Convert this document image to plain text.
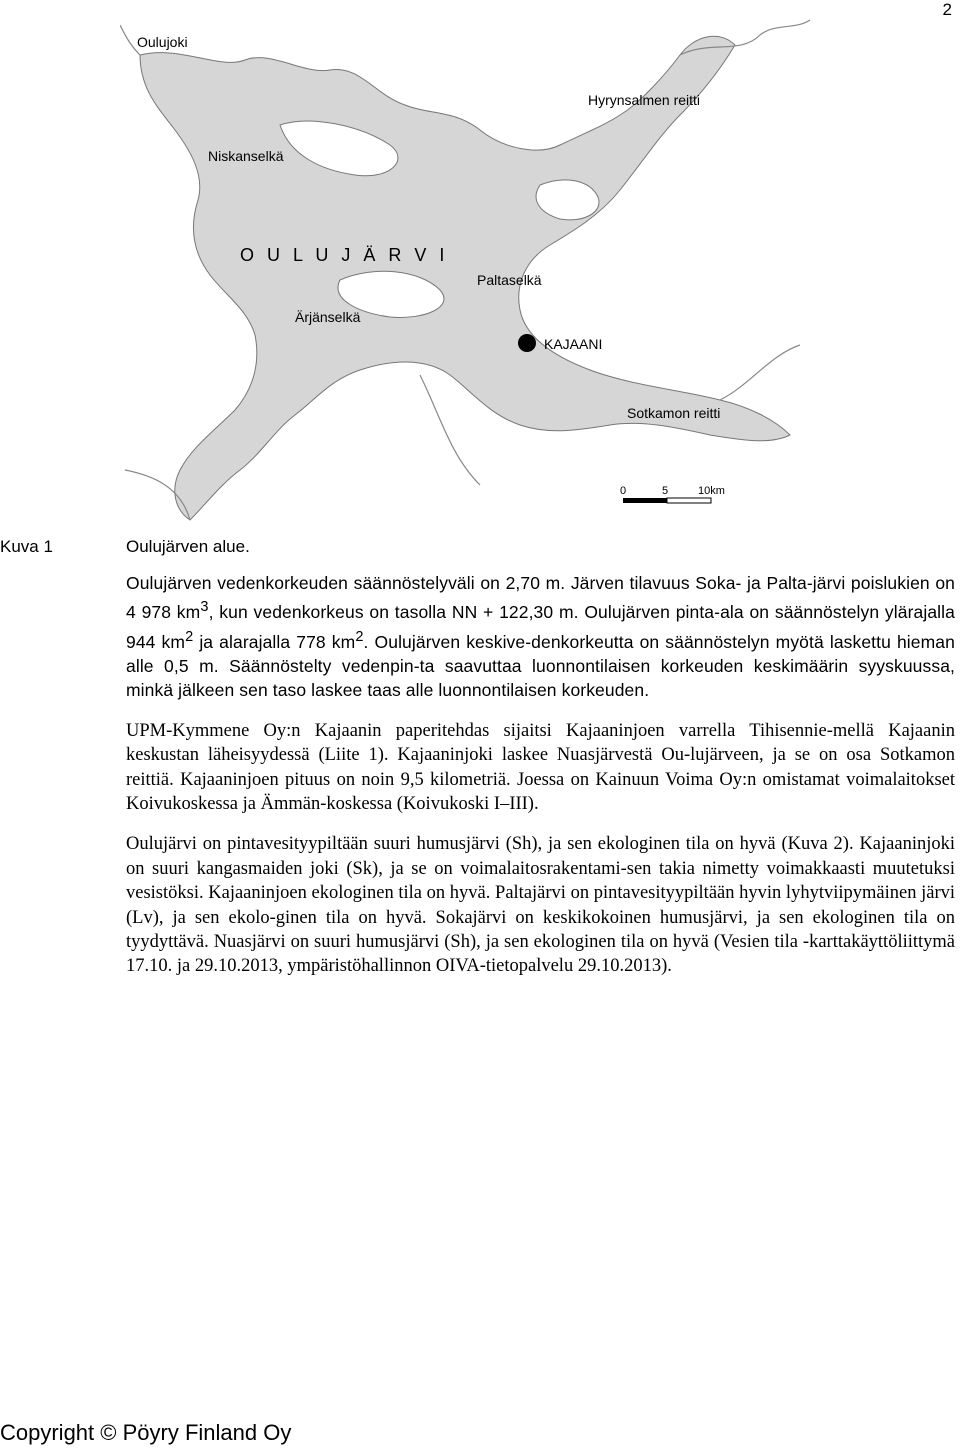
2
Oulujoki
Hyrynsalmen reitti
Niskanselkä
O U L U J Ä R V I
Paltaselkä
Ärjänselkä
KAJAANI
Sotkamon reitti
0	5	10km
Kuva 1	Oulujärven alue.

Oulujärven vedenkorkeuden säännöstelyväli on 2,70 m. Järven tilavuus Soka- ja Palta-järvi poislukien on 4 978 $km^3$, kun vedenkorkeus on tasolla NN + 122,30 m. Oulujärven pinta-ala on säännöstelyn ylärajalla 944 $km^2$ ja alarajalla 778 $km^2$. Oulujärven keskive-denkorkeutta on säännöstelyn myötä laskettu hieman alle 0,5 m. Säännöstelty vedenpin-ta saavuttaa luonnontilaisen korkeuden keskimäärin syyskuussa, minkä jälkeen sen taso laskee taas alle luonnontilaisen korkeuden.

UPM-Kymmene Oy:n Kajaanin paperitehdas sijaitsi Kajaaninjoen varrella Tihisennie-mellä Kajaanin keskustan läheisyydessä (Liite 1). Kajaaninjoki laskee Nuasjärvestä Ou-lujärveen, ja se on osa Sotkamon reittiä. Kajaaninjoen pituus on noin 9,5 kilometriä. Joessa on Kainuun Voima Oy:n omistamat voimalaitokset Koivukoskessa ja Ämmän-koskessa (Koivukoski I–III).

Oulujärvi on pintavesityypiltään suuri humusjärvi (Sh), ja sen ekologinen tila on hyvä (Kuva 2). Kajaaninjoki on suuri kangasmaiden joki (Sk), ja se on voimalaitosrakentami-sen takia nimetty voimakkaasti muutetuksi vesistöksi. Kajaaninjoen ekologinen tila on hyvä. Paltajärvi on pintavesityypiltään hyvin lyhytviipymäinen järvi (Lv), ja sen ekolo-ginen tila on hyvä. Sokajärvi on keskikokoinen humusjärvi, ja sen ekologinen tila on tyydyttävä. Nuasjärvi on suuri humusjärvi (Sh), ja sen ekologinen tila on hyvä (Vesien tila -karttakäyttöliittymä 17.10. ja 29.10.2013, ympäristöhallinnon OIVA-tietopalvelu 29.10.2013).

Copyright © Pöyry Finland Oy
